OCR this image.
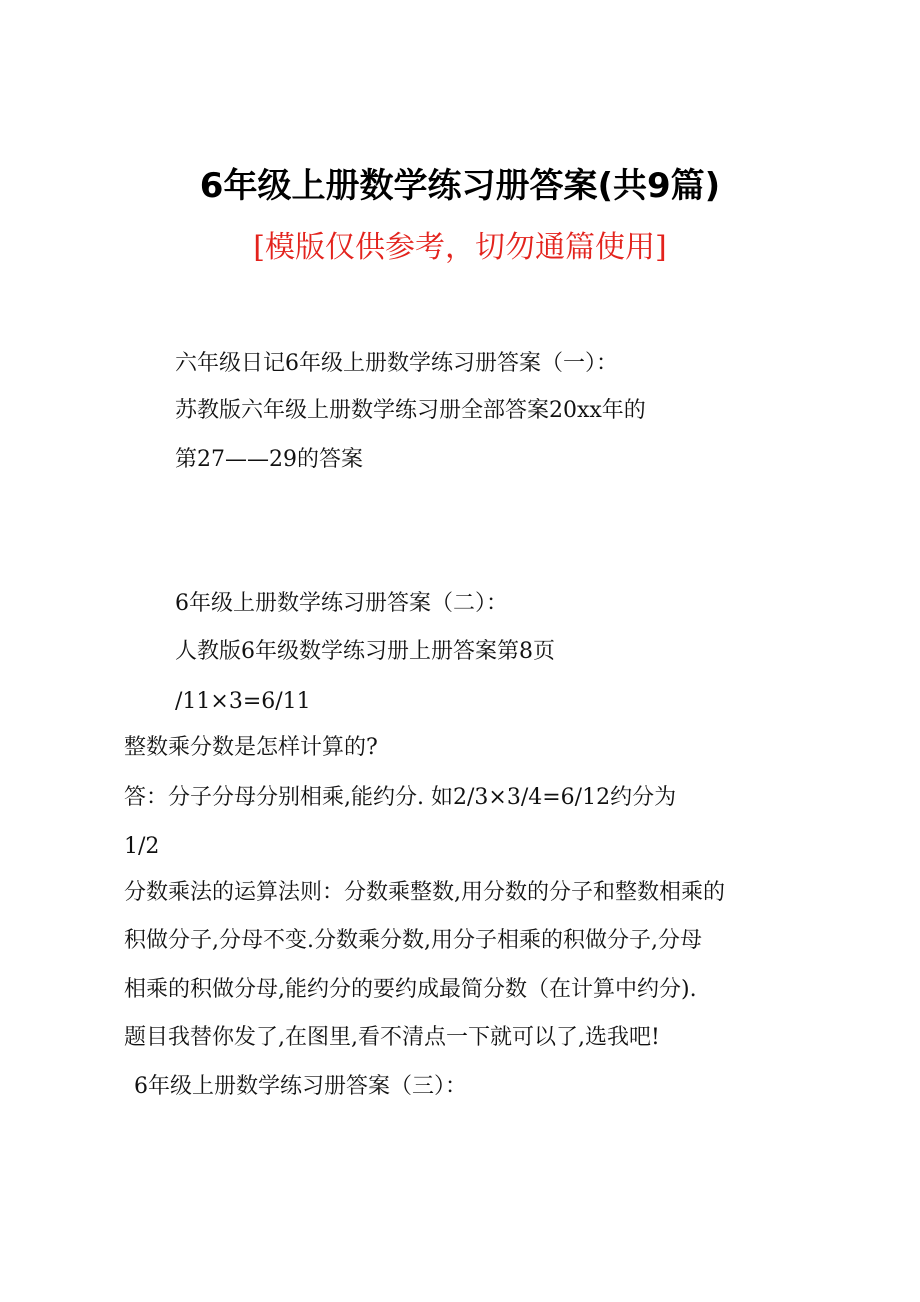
6年级上册数学练习册答案(共9篇)

[模版仅供参考，切勿通篇使用]

六年级日记6年级上册数学练习册答案（一）：

苏教版六年级上册数学练习册全部答案20xx年的

第27——29的答案

6年级上册数学练习册答案（二）：

人教版6年级数学练习册上册答案第8页

/11×3=6/11

整数乘分数是怎样计算的?

答：分子分母分别相乘,能约分. 如2/3×3/4=6/12约分为

1/2

分数乘法的运算法则：分数乘整数,用分数的分子和整数相乘的

积做分子,分母不变.分数乘分数,用分子相乘的积做分子,分母

相乘的积做分母,能约分的要约成最简分数（在计算中约分).

题目我替你发了,在图里,看不清点一下就可以了,选我吧!

6年级上册数学练习册答案（三）：
